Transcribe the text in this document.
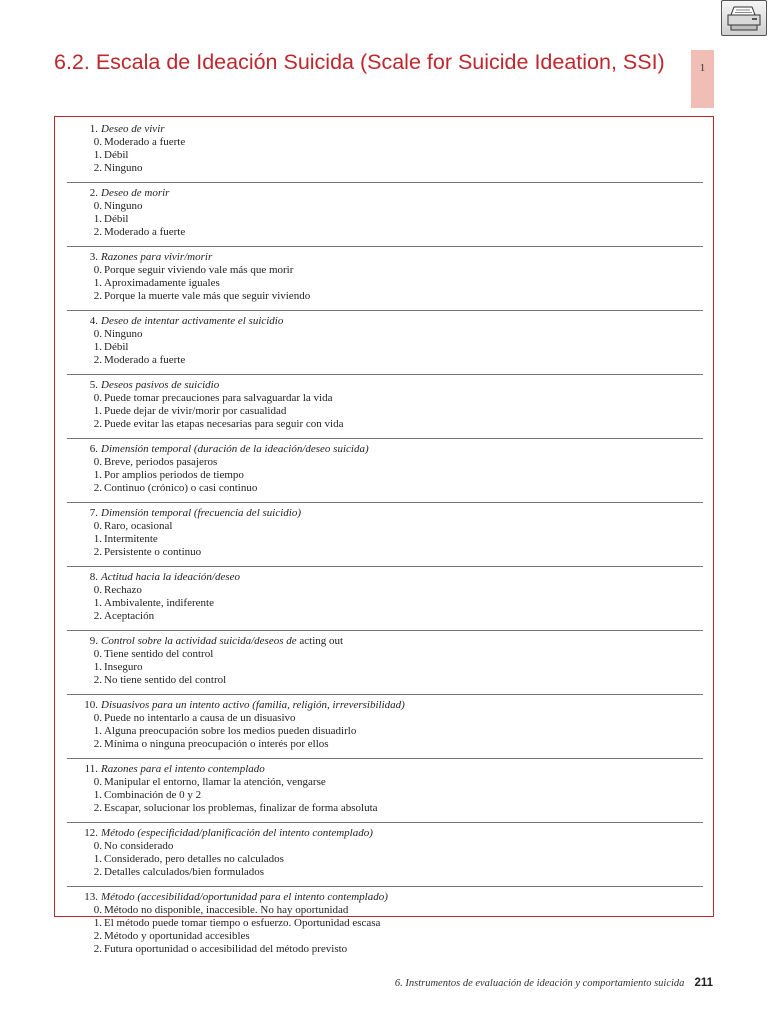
6.2. Escala de Ideación Suicida (Scale for Suicide Ideation, SSI)	1
1. Deseo de vivir
0. Moderado a fuerte
1. Débil
2. Ninguno
2. Deseo de morir
0. Ninguno
1. Débil
2. Moderado a fuerte
3. Razones para vivir/morir
0. Porque seguir viviendo vale más que morir
1. Aproximadamente iguales
2. Porque la muerte vale más que seguir viviendo
4. Deseo de intentar activamente el suicidio
0. Ninguno
1. Débil
2. Moderado a fuerte
5. Deseos pasivos de suicidio
0. Puede tomar precauciones para salvaguardar la vida
1. Puede dejar de vivir/morir por casualidad
2. Puede evitar las etapas necesarias para seguir con vida
6. Dimensión temporal (duración de la ideación/deseo suicida)
0. Breve, periodos pasajeros
1. Por amplios periodos de tiempo
2. Continuo (crónico) o casi continuo
7. Dimensión temporal (frecuencia del suicidio)
0. Raro, ocasional
1. Intermitente
2. Persistente o continuo
8. Actitud hacia la ideación/deseo
0. Rechazo
1. Ambivalente, indiferente
2. Aceptación
9. Control sobre la actividad suicida/deseos de acting out
0. Tiene sentido del control
1. Inseguro
2. No tiene sentido del control
10. Disuasivos para un intento activo (familia, religión, irreversibilidad)
0. Puede no intentarlo a causa de un disuasivo
1. Alguna preocupación sobre los medios pueden disuadirlo
2. Mínima o ninguna preocupación o interés por ellos
11. Razones para el intento contemplado
0. Manipular el entorno, llamar la atención, vengarse
1. Combinación de 0 y 2
2. Escapar, solucionar los problemas, finalizar de forma absoluta
12. Método (especificidad/planificación del intento contemplado)
0. No considerado
1. Considerado, pero detalles no calculados
2. Detalles calculados/bien formulados
13. Método (accesibilidad/oportunidad para el intento contemplado)
0. Método no disponible, inaccesible. No hay oportunidad
1. El método puede tomar tiempo o esfuerzo. Oportunidad escasa
2. Método y oportunidad accesibles
2. Futura oportunidad o accesibilidad del método previsto
6. Instrumentos de evaluación de ideación y comportamiento suicida 211
